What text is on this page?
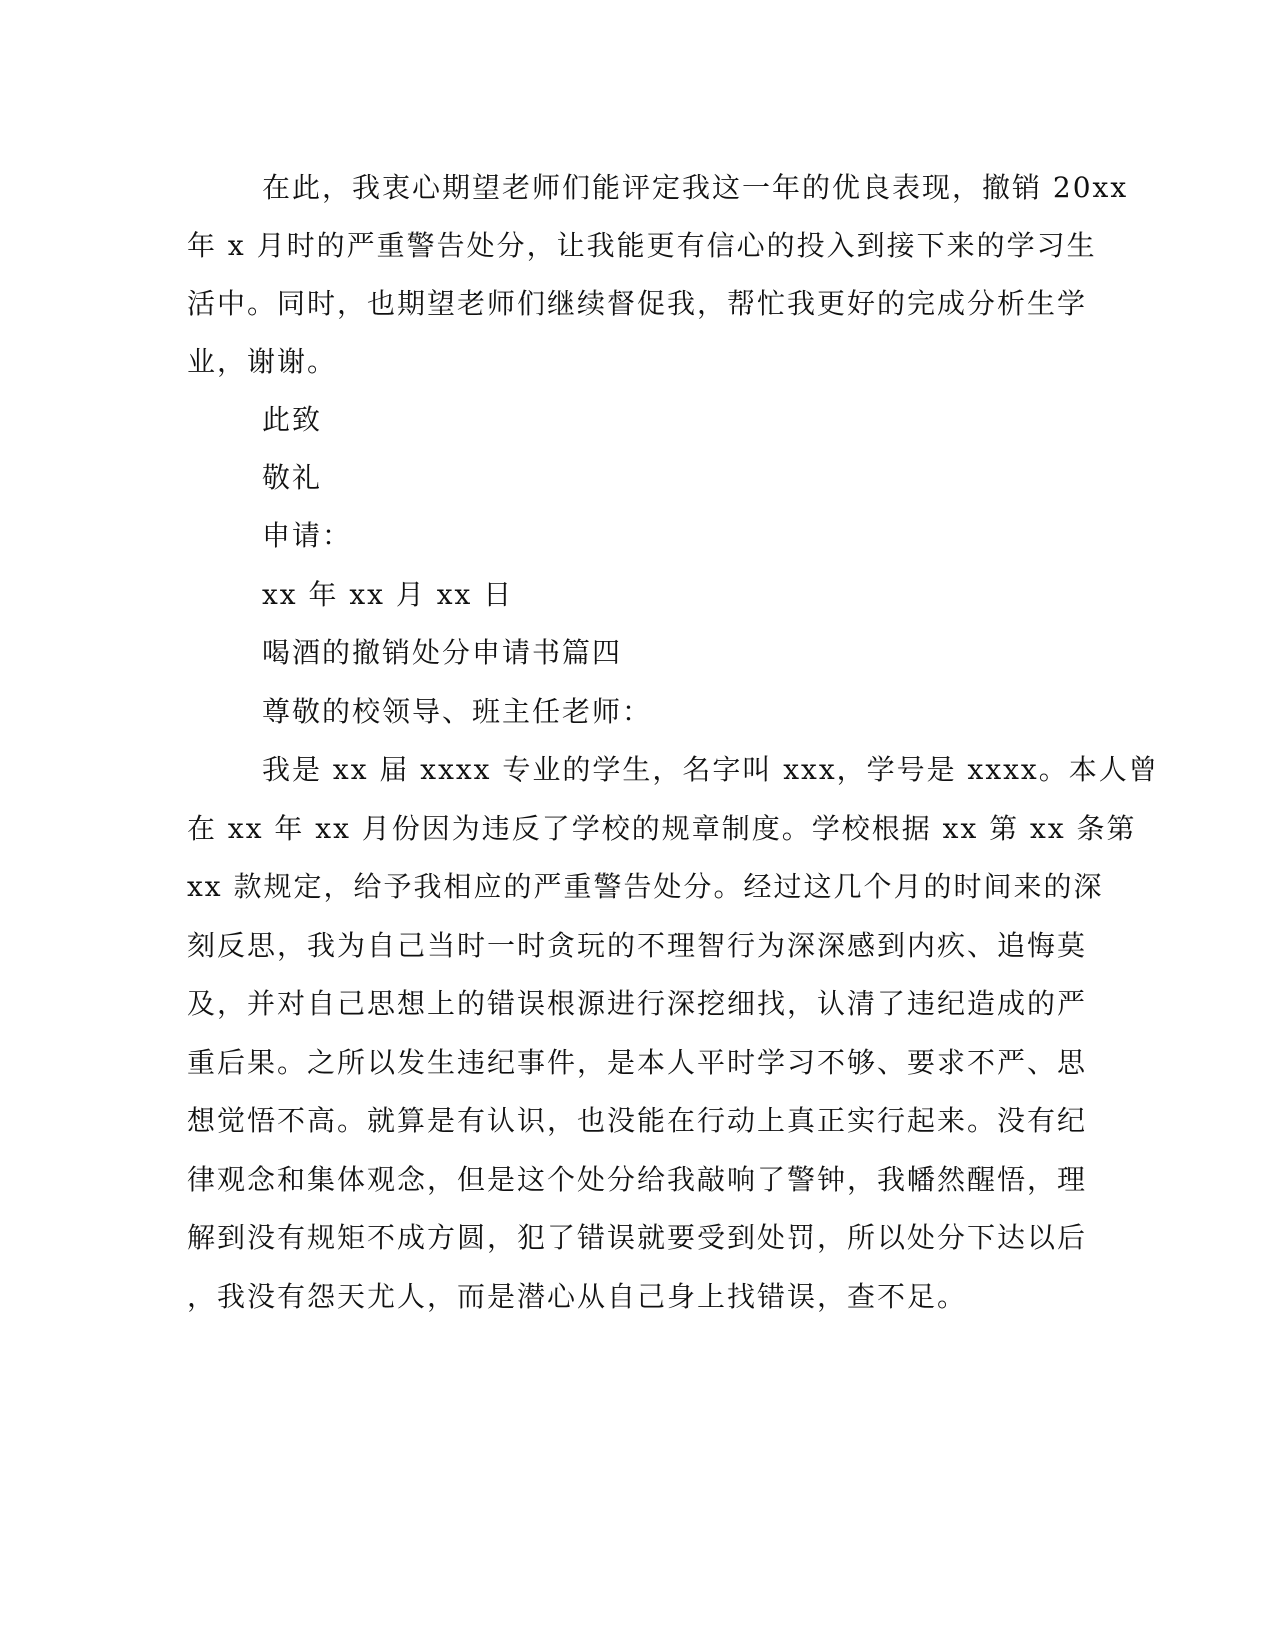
在此，我衷心期望老师们能评定我这一年的优良表现，撤销 20xx
年 x 月时的严重警告处分，让我能更有信心的投入到接下来的学习生
活中。同时，也期望老师们继续督促我，帮忙我更好的完成分析生学
业，谢谢。
此致
敬礼
申请：
xx 年 xx 月 xx 日
喝酒的撤销处分申请书篇四
尊敬的校领导、班主任老师：
我是 xx 届 xxxx 专业的学生，名字叫 xxx，学号是 xxxx。本人曾
在 xx 年 xx 月份因为违反了学校的规章制度。学校根据 xx 第 xx 条第
xx 款规定，给予我相应的严重警告处分。经过这几个月的时间来的深
刻反思，我为自己当时一时贪玩的不理智行为深深感到内疚、追悔莫
及，并对自己思想上的错误根源进行深挖细找，认清了违纪造成的严
重后果。之所以发生违纪事件，是本人平时学习不够、要求不严、思
想觉悟不高。就算是有认识，也没能在行动上真正实行起来。没有纪
律观念和集体观念，但是这个处分给我敲响了警钟，我幡然醒悟，理
解到没有规矩不成方圆，犯了错误就要受到处罚，所以处分下达以后
，我没有怨天尤人，而是潜心从自己身上找错误，查不足。
